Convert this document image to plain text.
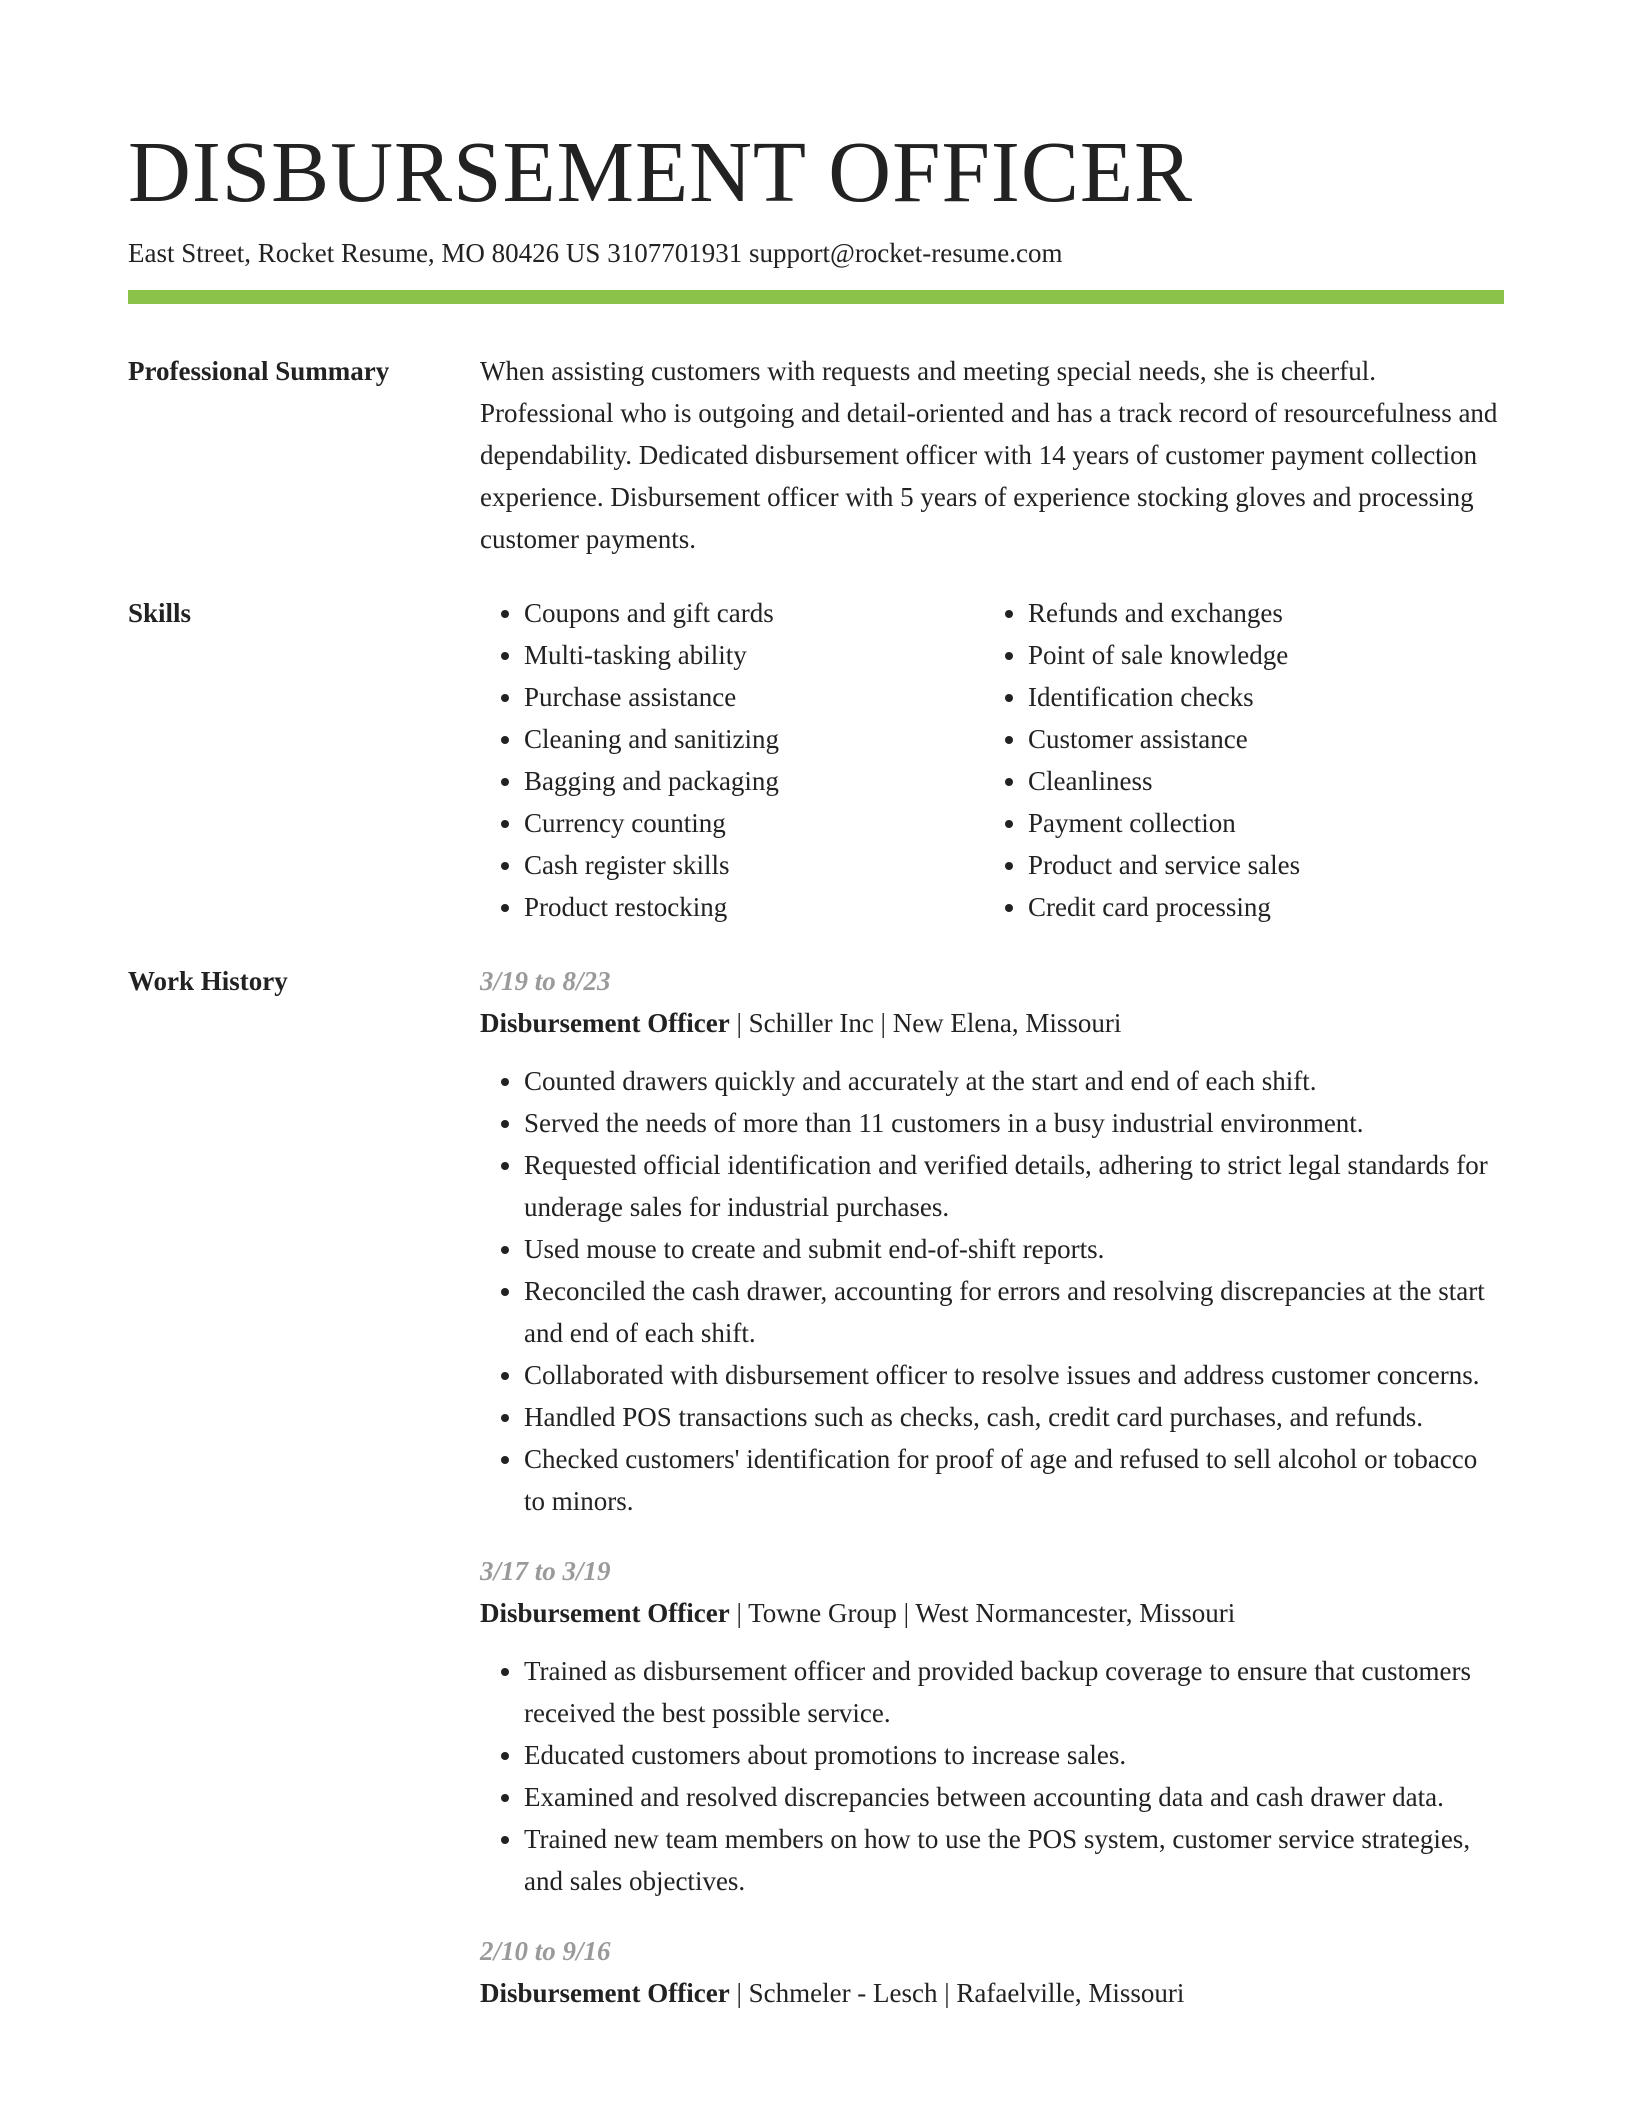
DISBURSEMENT OFFICER
East Street, Rocket Resume, MO 80426 US 3107701931 support@rocket-resume.com
Professional Summary	When assisting customers with requests and meeting special needs, she is cheerful. Professional who is outgoing and detail-oriented and has a track record of resourcefulness and dependability. Dedicated disbursement officer with 14 years of customer payment collection experience. Disbursement officer with 5 years of experience stocking gloves and processing customer payments.

Skills
•	Coupons and gift cards
• Multi-tasking ability
• Purchase assistance
• Cleaning and sanitizing
• Bagging and packaging
• Currency counting
• Cash register skills
• Product restocking
• Refunds and exchanges
• Point of sale knowledge
• Identification checks
• Customer assistance
• Cleanliness
• Payment collection
• Product and service sales
• Credit card processing
Work History	3/19 to 8/23
Disbursement Officer | Schiller Inc | New Elena, Missouri
• Counted drawers quickly and accurately at the start and end of each shift.
• Served the needs of more than 11 customers in a busy industrial environment.
• Requested official identification and verified details, adhering to strict legal standards for underage sales for industrial purchases.
• Used mouse to create and submit end-of-shift reports.
• Reconciled the cash drawer, accounting for errors and resolving discrepancies at the start and end of each shift.
• Collaborated with disbursement officer to resolve issues and address customer concerns.
• Handled POS transactions such as checks, cash, credit card purchases, and refunds.
• Checked customers' identification for proof of age and refused to sell alcohol or tobacco to minors.
3/17 to 3/19
Disbursement Officer | Towne Group | West Normancester, Missouri
• Trained as disbursement officer and provided backup coverage to ensure that customers received the best possible service.
• Educated customers about promotions to increase sales.
• Examined and resolved discrepancies between accounting data and cash drawer data.
• Trained new team members on how to use the POS system, customer service strategies, and sales objectives.
2/10 to 9/16
Disbursement Officer | Schmeler - Lesch | Rafaelville, Missouri
